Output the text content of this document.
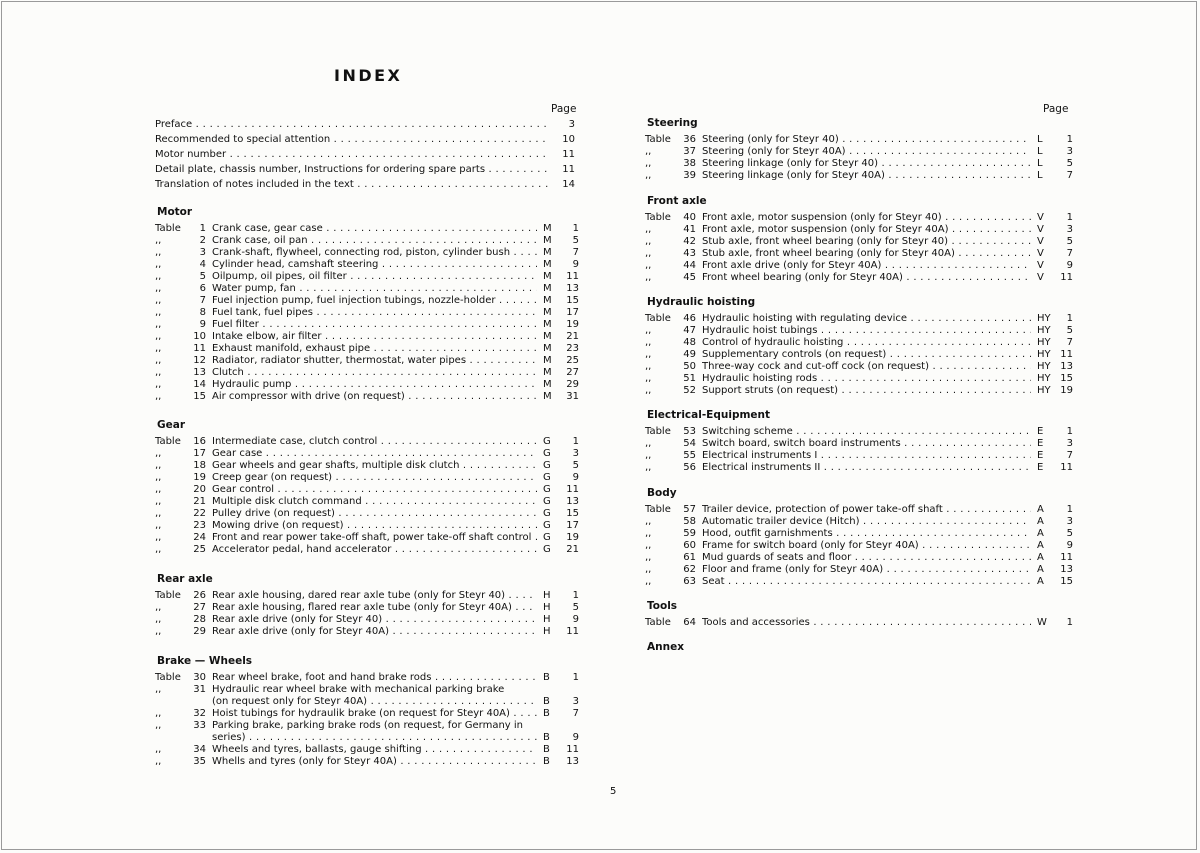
INDEX
Page	Page
Preface . . .	3
Recommended to special attention . . .	10
Motor number . . .	11
Detail plate, chassis number, Instructions for ordering spare parts . . .	11
Translation of notes included in the text . . .	14
Motor
Table	1 Crank case, gear case . . .	M	1
,,	2 Crank case, oil pan . . .	M	5
,,	3 Crank-shaft, flywheel, connecting rod, piston, cylinder bush . . .	M	7
,,	4 Cylinder head, camshaft steering . . .	M	9
,,	5 Oilpump, oil pipes, oil filter . . .	M	11
,,	6 Water pump, fan . . .	M	13
,,	7 Fuel injection pump, fuel injection tubings, nozzle-holder . . .	M	15
,,	8 Fuel tank, fuel pipes . . .	M	17
,,	9 Fuel filter . . .	M	19
,,	10 Intake elbow, air filter . . .	M	21
,,	11 Exhaust manifold, exhaust pipe . . .	M	23
,,	12 Radiator, radiator shutter, thermostat, water pipes . . .	M	25
,,	13 Clutch . . .	M	27
,,	14 Hydraulic pump . . .	M	29
,,	15 Air compressor with drive (on request) . . .	M	31
Gear
Table	16 Intermediate case, clutch control . . .	G	1
,,	17 Gear case . . .	G	3
,,	18 Gear wheels and gear shafts, multiple disk clutch . . .	G	5
,,	19 Creep gear (on request) . . .	G	9
,,	20 Gear control . . .	G	11
,,	21 Multiple disk clutch command . . .	G	13
,,	22 Pulley drive (on request) . . .	G	15
,,	23 Mowing drive (on request) . . .	G	17
,,	24 Front and rear power take-off shaft, power take-off shaft control . . .	G	19
,,	25 Accelerator pedal, hand accelerator . . .	G	21
Rear axle
Table	26 Rear axle housing, dared rear axle tube (only for Steyr 40) . . .	H	1
,,	27 Rear axle housing, flared rear axle tube (only for Steyr 40A) . . .	H	5
,,	28 Rear axle drive (only for Steyr 40) . . .	H	9
,,	29 Rear axle drive (only for Steyr 40A) . . .	H	11
Brake — Wheels
Table	30 Rear wheel brake, foot and hand brake rods . . .	B	1
,,	31 Hydraulic rear wheel brake with mechanical parking brake
(on request only for Steyr 40A) . . .	B	3
,,	32 Hoist tubings for hydraulik brake (on request for Steyr 40A) . . .	B	7
,,	33 Parking brake, parking brake rods (on request, for Germany in
series) . . .	B	9
,,	34 Wheels and tyres, ballasts, gauge shifting . . .	B	11
,,	35 Whells and tyres (only for Steyr 40A) . . .	B	13
Steering
Table	36 Steering (only for Steyr 40) . . .	L	1
,,	37 Steering (only for Steyr 40A) . . .	L	3
,,	38 Steering linkage (only for Steyr 40) . . .	L	5
,,	39 Steering linkage (only for Steyr 40A) . . .	L	7
Front axle
Table	40 Front axle, motor suspension (only for Steyr 40) . . .	V	1
,,	41 Front axle, motor suspension (only for Steyr 40A) . . .	V	3
,,	42 Stub axle, front wheel bearing (only for Steyr 40) . . .	V	5
,,	43 Stub axle, front wheel bearing (only for Steyr 40A) . . .	V	7
,,	44 Front axle drive (only for Steyr 40A) . . .	V	9
,,	45 Front wheel bearing (only for Steyr 40A) . . .	V	11
Hydraulic hoisting
Table	46 Hydraulic hoisting with regulating device . . .	HY	1
,,	47 Hydraulic hoist tubings . . .	HY	5
,,	48 Control of hydraulic hoisting . . .	HY	7
,,	49 Supplementary controls (on request) . . .	HY 11
,,	50 Three-way cock and cut-off cock (on request) . . .	HY 13
,,	51 Hydraulic hoisting rods . . .	HY 15
,,	52 Support struts (on request) . . .	HY 19
Electrical-Equipment
Table	53 Switching scheme . . .	E	1
,,	54 Switch board, switch board instruments . . .	E	3
,,	55 Electrical instruments I . . .	E	7
,,	56 Electrical instruments II . . .	E	11
Body
Table	57 Trailer device, protection of power take-off shaft . . .	A	1
,,	58 Automatic trailer device (Hitch) . . .	A	3
,,	59 Hood, outfit garnishments . . .	A	5
,,	60 Frame for switch board (only for Steyr 40A) . . .	A	9
,,	61 Mud guards of seats and floor . . .	A	11
,,	62 Floor and frame (only for Steyr 40A) . . .	A	13
,,	63 Seat . . .	A	15
Tools
Table	64 Tools and accessories . . .	W	1
Annex
5
